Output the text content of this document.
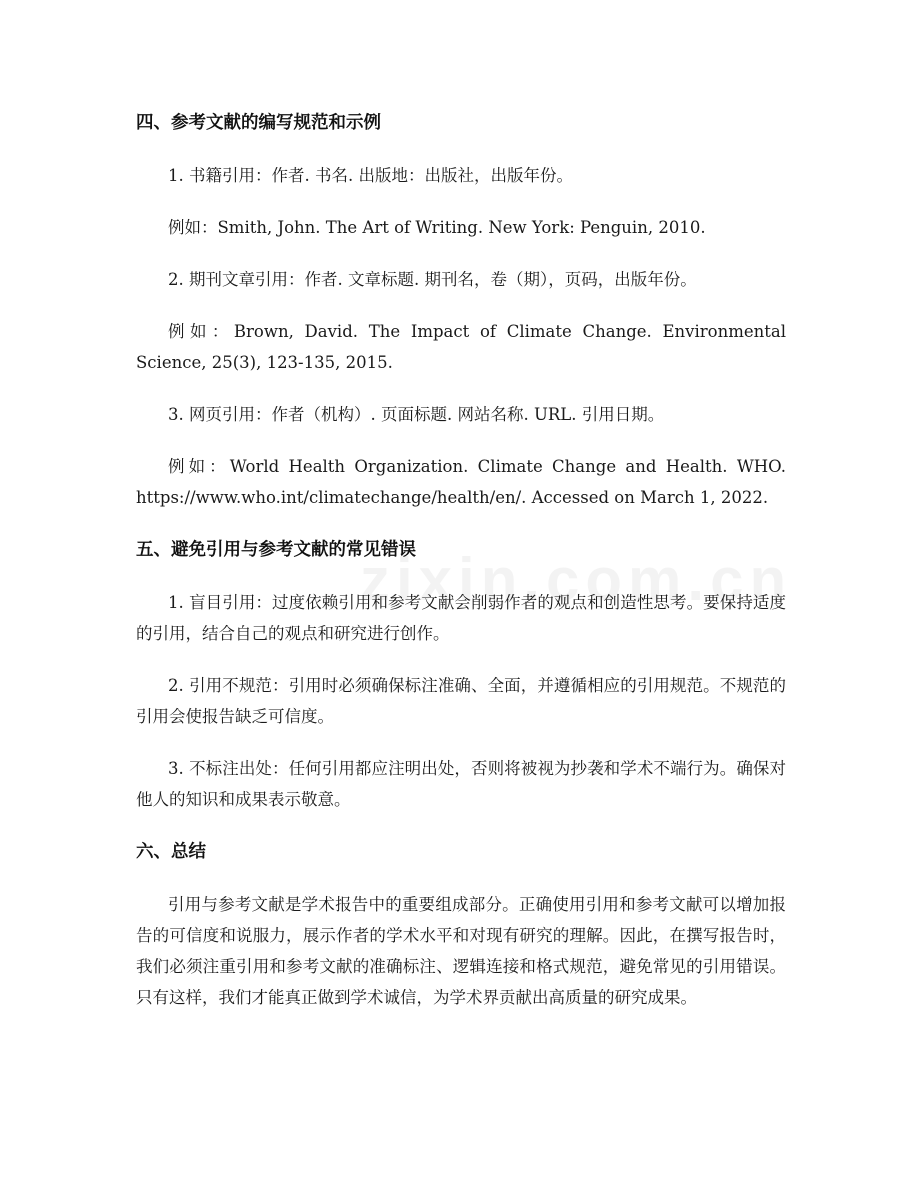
四、参考文献的编写规范和示例

1. 书籍引用：作者. 书名. 出版地：出版社，出版年份。

例如：Smith, John. The Art of Writing. New York: Penguin, 2010.

2. 期刊文章引用：作者. 文章标题. 期刊名，卷（期），页码，出版年份。

例如：Brown, David. The Impact of Climate Change. Environmental Science, 25(3), 123-135, 2015.

3. 网页引用：作者（机构）. 页面标题. 网站名称. URL. 引用日期。

例如：World Health Organization. Climate Change and Health. WHO. https://www.who.int/climatechange/health/en/. Accessed on March 1, 2022.

五、避免引用与参考文献的常见错误

1. 盲目引用：过度依赖引用和参考文献会削弱作者的观点和创造性思考。要保持适度的引用，结合自己的观点和研究进行创作。

2. 引用不规范：引用时必须确保标注准确、全面，并遵循相应的引用规范。不规范的引用会使报告缺乏可信度。

3. 不标注出处：任何引用都应注明出处，否则将被视为抄袭和学术不端行为。确保对他人的知识和成果表示敬意。

六、总结

引用与参考文献是学术报告中的重要组成部分。正确使用引用和参考文献可以增加报告的可信度和说服力，展示作者的学术水平和对现有研究的理解。因此，在撰写报告时，我们必须注重引用和参考文献的准确标注、逻辑连接和格式规范，避免常见的引用错误。只有这样，我们才能真正做到学术诚信，为学术界贡献出高质量的研究成果。
